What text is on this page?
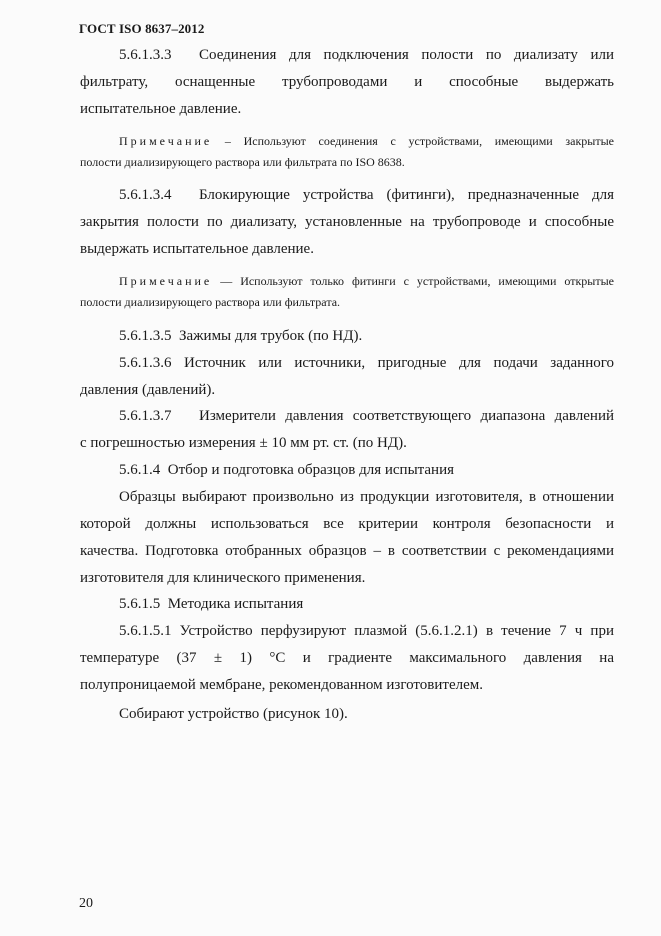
ГОСТ ISO 8637–2012
5.6.1.3.3 Соединения для подключения полости по диализату или
фильтрату, оснащенные трубопроводами и способные выдержать
испытательное давление.
Примечание – Используют соединения с устройствами, имеющими закрытые
полости диализирующего раствора или фильтрата по ISO 8638.
5.6.1.3.4 Блокирующие устройства (фитинги), предназначенные для
закрытия полости по диализату, установленные на трубопроводе и способные
выдержать испытательное давление.
Примечание — Используют только фитинги с устройствами, имеющими открытые
полости диализирующего раствора или фильтрата.
5.6.1.3.5  Зажимы для трубок (по НД).
5.6.1.3.6 Источник или источники, пригодные для подачи заданного
давления (давлений).
5.6.1.3.7 Измерители давления соответствующего диапазона давлений
с погрешностью измерения ± 10 мм рт. ст. (по НД).
5.6.1.4  Отбор и подготовка образцов для испытания
Образцы выбирают произвольно из продукции изготовителя, в отношении
которой должны использоваться все критерии контроля безопасности и
качества. Подготовка отобранных образцов – в соответствии с рекомендациями
изготовителя для клинического применения.
5.6.1.5  Методика испытания
5.6.1.5.1 Устройство перфузируют плазмой (5.6.1.2.1) в течение 7 ч при
температуре (37 ± 1) °С и градиенте максимального давления на
полупроницаемой мембране, рекомендованном изготовителем.
Собирают устройство (рисунок 10).
20
